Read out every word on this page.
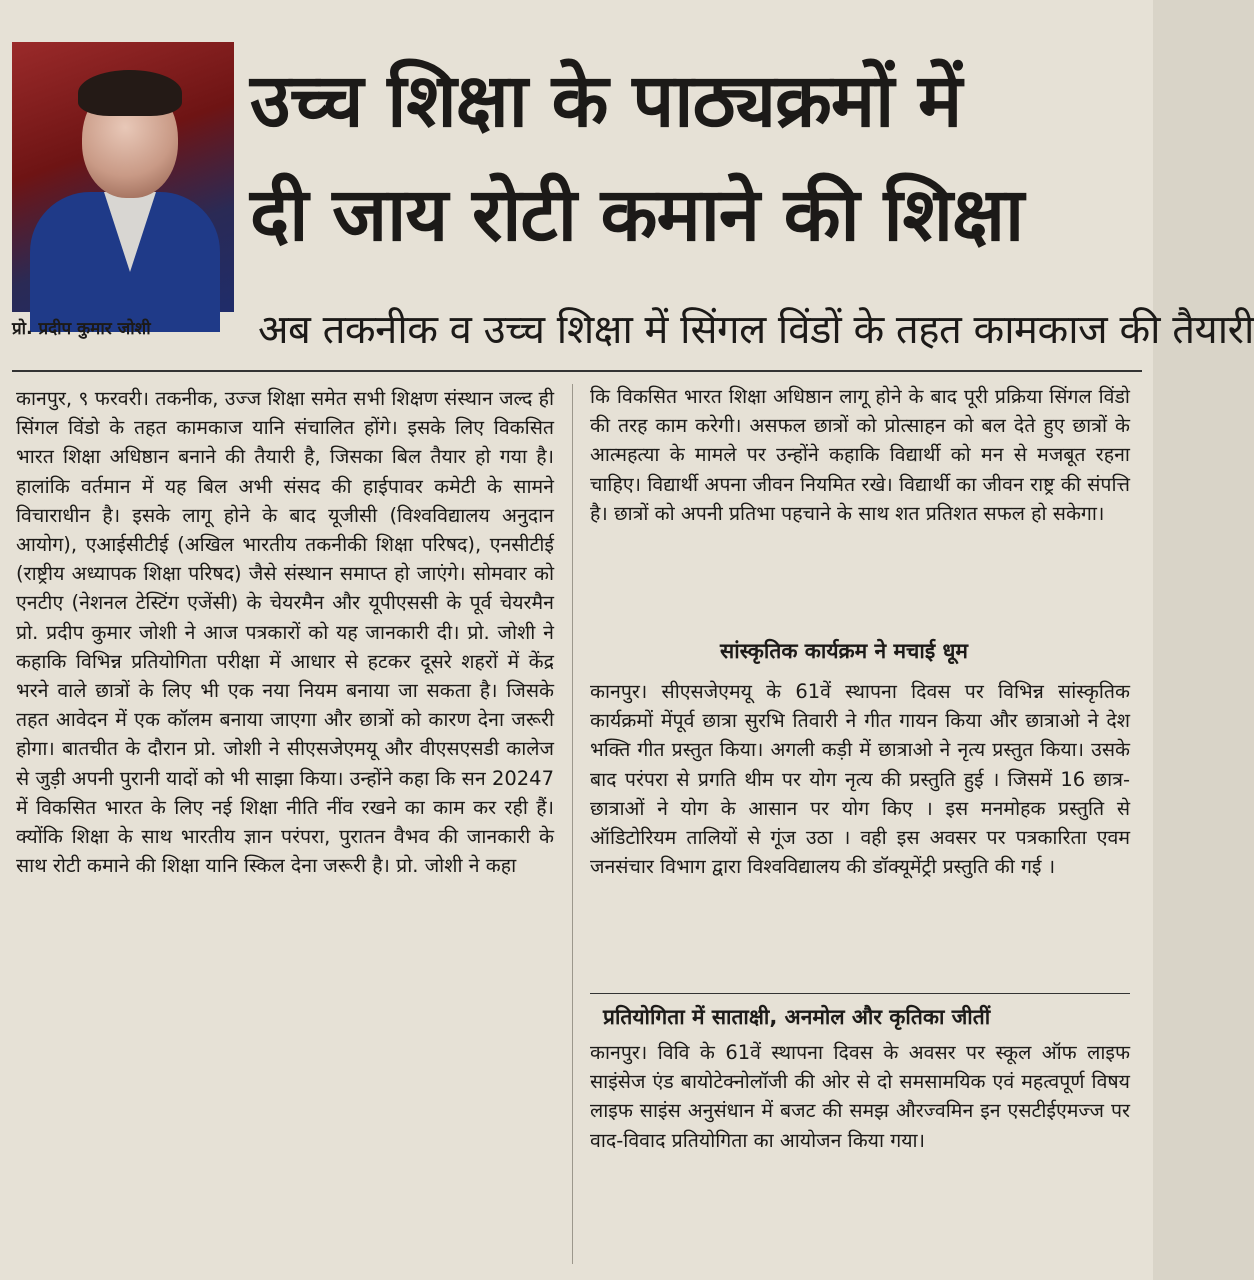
प्रो. प्रदीप कुमार जोशी
उच्च शिक्षा के पाठ्यक्रमों में
दी जाय रोटी कमाने की शिक्षा
अब तकनीक व उच्च शिक्षा में सिंगल विंडों के तहत कामकाज की तैयारी

कानपुर, ९ फरवरी। तकनीक, उज्ज शिक्षा समेत सभी शिक्षण संस्थान जल्द ही सिंगल विंडो के तहत कामकाज यानि संचालित होंगे। इसके लिए विकसित भारत शिक्षा अधिष्ठान बनाने की तैयारी है, जिसका बिल तैयार हो गया है। हालांकि वर्तमान में यह बिल अभी संसद की हाईपावर कमेटी के सामने विचाराधीन है। इसके लागू होने के बाद यूजीसी (विश्वविद्यालय अनुदान आयोग), एआईसीटीई (अखिल भारतीय तकनीकी शिक्षा परिषद), एनसीटीई (राष्ट्रीय अध्यापक शिक्षा परिषद) जैसे संस्थान समाप्त हो जाएंगे। सोमवार को एनटीए (नेशनल टेस्टिंग एजेंसी) के चेयरमैन और यूपीएससी के पूर्व चेयरमैन प्रो. प्रदीप कुमार जोशी ने आज पत्रकारों को यह जानकारी दी। प्रो. जोशी ने कहाकि विभिन्न प्रतियोगिता परीक्षा में आधार से हटकर दूसरे शहरों में केंद्र भरने वाले छात्रों के लिए भी एक नया नियम बनाया जा सकता है। जिसके तहत आवेदन में एक कॉलम बनाया जाएगा और छात्रों को कारण देना जरूरी होगा। बातचीत के दौरान प्रो. जोशी ने सीएसजेएमयू और वीएसएसडी कालेज से जुड़ी अपनी पुरानी यादों को भी साझा किया। उन्होंने कहा कि सन 20247 में विकसित भारत के लिए नई शिक्षा नीति नींव रखने का काम कर रही हैं। क्योंकि शिक्षा के साथ भारतीय ज्ञान परंपरा, पुरातन वैभव की जानकारी के साथ रोटी कमाने की शिक्षा यानि स्किल देना जरूरी है। प्रो. जोशी ने कहा

कि विकसित भारत शिक्षा अधिष्ठान लागू होने के बाद पूरी प्रक्रिया सिंगल विंडो की तरह काम करेगी। असफल छात्रों को प्रोत्साहन को बल देते हुए छात्रों के आत्महत्या के मामले पर उन्होंने कहाकि विद्यार्थी को मन से मजबूत रहना चाहिए। विद्यार्थी अपना जीवन नियमित रखे। विद्यार्थी का जीवन राष्ट्र की संपत्ति है। छात्रों को अपनी प्रतिभा पहचाने के साथ शत प्रतिशत सफल हो सकेगा।

सांस्कृतिक कार्यक्रम ने मचाई धूम

कानपुर। सीएसजेएमयू के 61वें स्थापना दिवस पर विभिन्न सांस्कृतिक कार्यक्रमों मेंपूर्व छात्रा सुरभि तिवारी ने गीत गायन किया और छात्राओ ने देश भक्ति गीत प्रस्तुत किया। अगली कड़ी में छात्राओ ने नृत्य प्रस्तुत किया। उसके बाद परंपरा से प्रगति थीम पर योग नृत्य की प्रस्तुति हुई । जिसमें 16 छात्र-छात्राओं ने योग के आसान पर योग किए । इस मनमोहक प्रस्तुति से ऑडिटोरियम तालियों से गूंज उठा । वही इस अवसर पर पत्रकारिता एवम जनसंचार विभाग द्वारा विश्वविद्यालय की डॉक्यूमेंट्री प्रस्तुति की गई ।

प्रतियोगिता में साताक्षी, अनमोल और कृतिका जीतीं

कानपुर। विवि के 61वें स्थापना दिवस के अवसर पर स्कूल ऑफ लाइफ साइंसेज एंड बायोटेक्नोलॉजी की ओर से दो समसामयिक एवं महत्वपूर्ण विषय लाइफ साइंस अनुसंधान में बजट की समझ औरज्वमिन इन एसटीईएमज्ज पर वाद-विवाद प्रतियोगिता का आयोजन किया गया।
